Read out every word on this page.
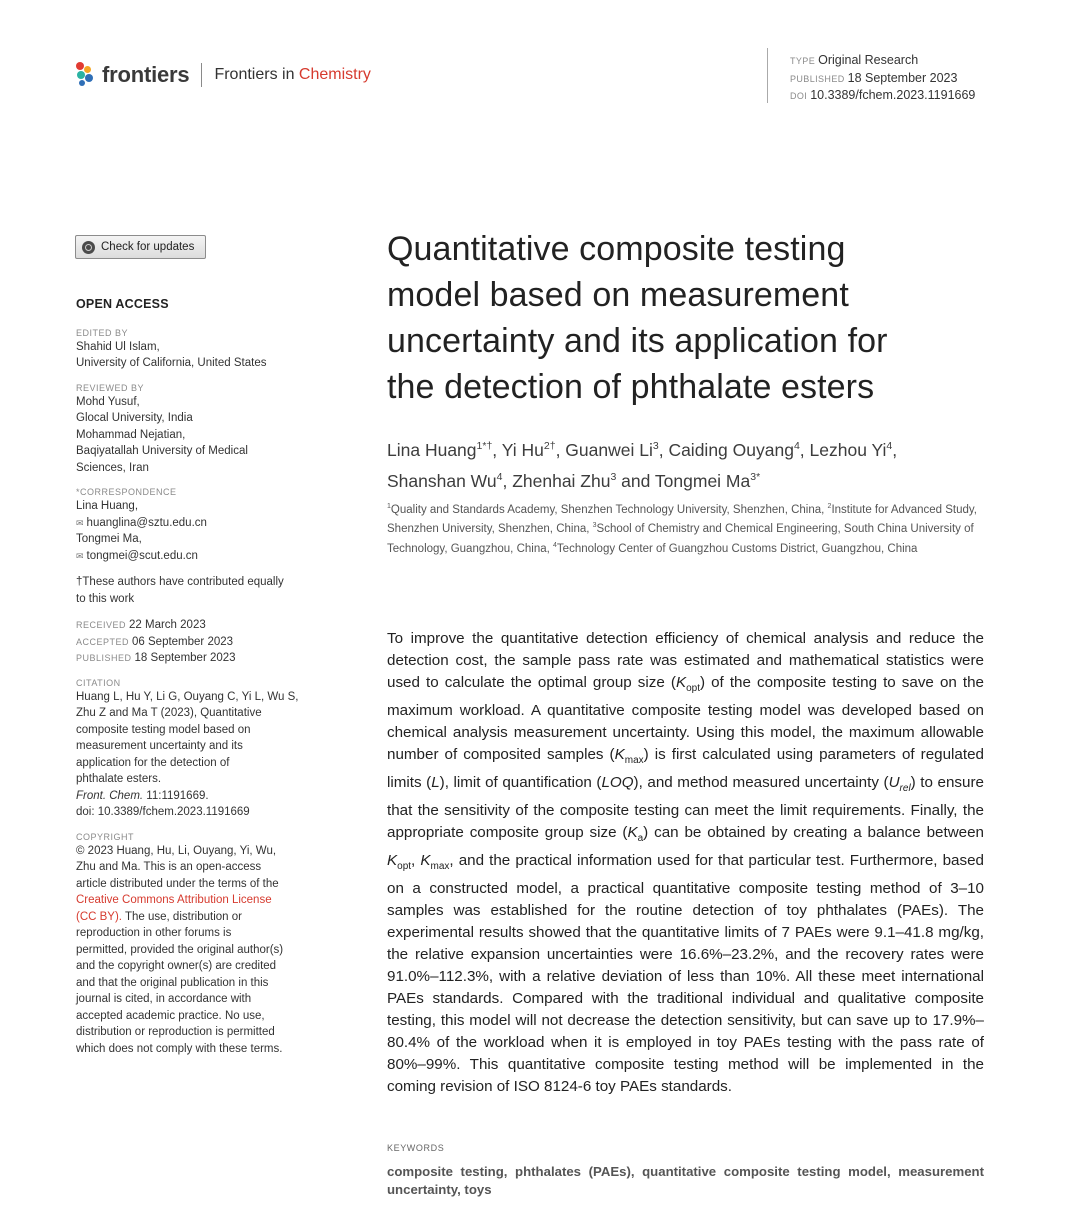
frontiers Frontiers in Chemistry
TYPE Original Research
PUBLISHED 18 September 2023
DOI 10.3389/fchem.2023.1191669
Check for updates
OPEN ACCESS
EDITED BY
Shahid Ul Islam,
University of California, United States
REVIEWED BY
Mohd Yusuf,
Glocal University, India
Mohammad Nejatian,
Baqiyatallah University of Medical
Sciences, Iran
*CORRESPONDENCE
Lina Huang,
✉ huanglina@sztu.edu.cn
Tongmei Ma,
✉ tongmei@scut.edu.cn
†These authors have contributed equally
to this work
RECEIVED 22 March 2023
ACCEPTED 06 September 2023
PUBLISHED 18 September 2023
CITATION
Huang L, Hu Y, Li G, Ouyang C, Yi L, Wu S,
Zhu Z and Ma T (2023), Quantitative
composite testing model based on
measurement uncertainty and its
application for the detection of
phthalate esters.
Front. Chem. 11:1191669.
doi: 10.3389/fchem.2023.1191669
COPYRIGHT
© 2023 Huang, Hu, Li, Ouyang, Yi, Wu,
Zhu and Ma. This is an open-access
article distributed under the terms of the
Creative Commons Attribution License
(CC BY). The use, distribution or
reproduction in other forums is
permitted, provided the original author(s)
and the copyright owner(s) are credited
and that the original publication in this
journal is cited, in accordance with
accepted academic practice. No use,
distribution or reproduction is permitted
which does not comply with these terms.
Quantitative composite testing
model based on measurement
uncertainty and its application for
the detection of phthalate esters
Lina Huang$^{1*\dagger}$, Yi $Hu^{2\dagger}$, Guanwei Li$^3$, Caiding Ouyang$^4$, Lezhou Yi$^4$,
Shanshan Wu$^4$, Zhenhai Zhu$^3$ and Tongmei $Ma^{3*}$
$^1$Quality and Standards Academy, Shenzhen Technology University, Shenzhen, China, $^2$Institute for Advanced Study, Shenzhen University, Shenzhen, China, $^3$School of Chemistry and Chemical Engineering, South China University of Technology, Guangzhou, China, $^4$Technology Center of Guangzhou Customs District, Guangzhou, China

To improve the quantitative detection efficiency of chemical analysis and reduce the detection cost, the sample pass rate was estimated and mathematical statistics were used to calculate the optimal group size $(K_{opt})$ of the composite testing to save on the maximum workload. A quantitative composite testing model was developed based on chemical analysis measurement uncertainty. Using this model, the maximum allowable number of composited samples $(K_{max})$ is first calculated using parameters of regulated limits (L), limit of quantification (LOQ), and method measured uncertainty $(U_{rel})$ to ensure that the sensitivity of the composite testing can meet the limit requirements. Finally, the appropriate composite group size $(K_a)$ can be obtained by creating a balance between $K_{opt}$, $K_{max}$, and the practical information used for that particular test. Furthermore, based on a constructed model, a practical quantitative composite testing method of 3–10 samples was established for the routine detection of toy phthalates (PAEs). The experimental results showed that the quantitative limits of 7 PAEs were 9.1–41.8 mg/kg, the relative expansion uncertainties were 16.6%–23.2%, and the recovery rates were 91.0%–112.3%, with a relative deviation of less than 10%. All these meet international PAEs standards. Compared with the traditional individual and qualitative composite testing, this model will not decrease the detection sensitivity, but can save up to 17.9%–80.4% of the workload when it is employed in toy PAEs testing with the pass rate of 80%–99%. This quantitative composite testing method will be implemented in the coming revision of ISO 8124-6 toy PAEs standards.

KEYWORDS
composite testing, phthalates (PAEs), quantitative composite testing model, measurement uncertainty, toys
